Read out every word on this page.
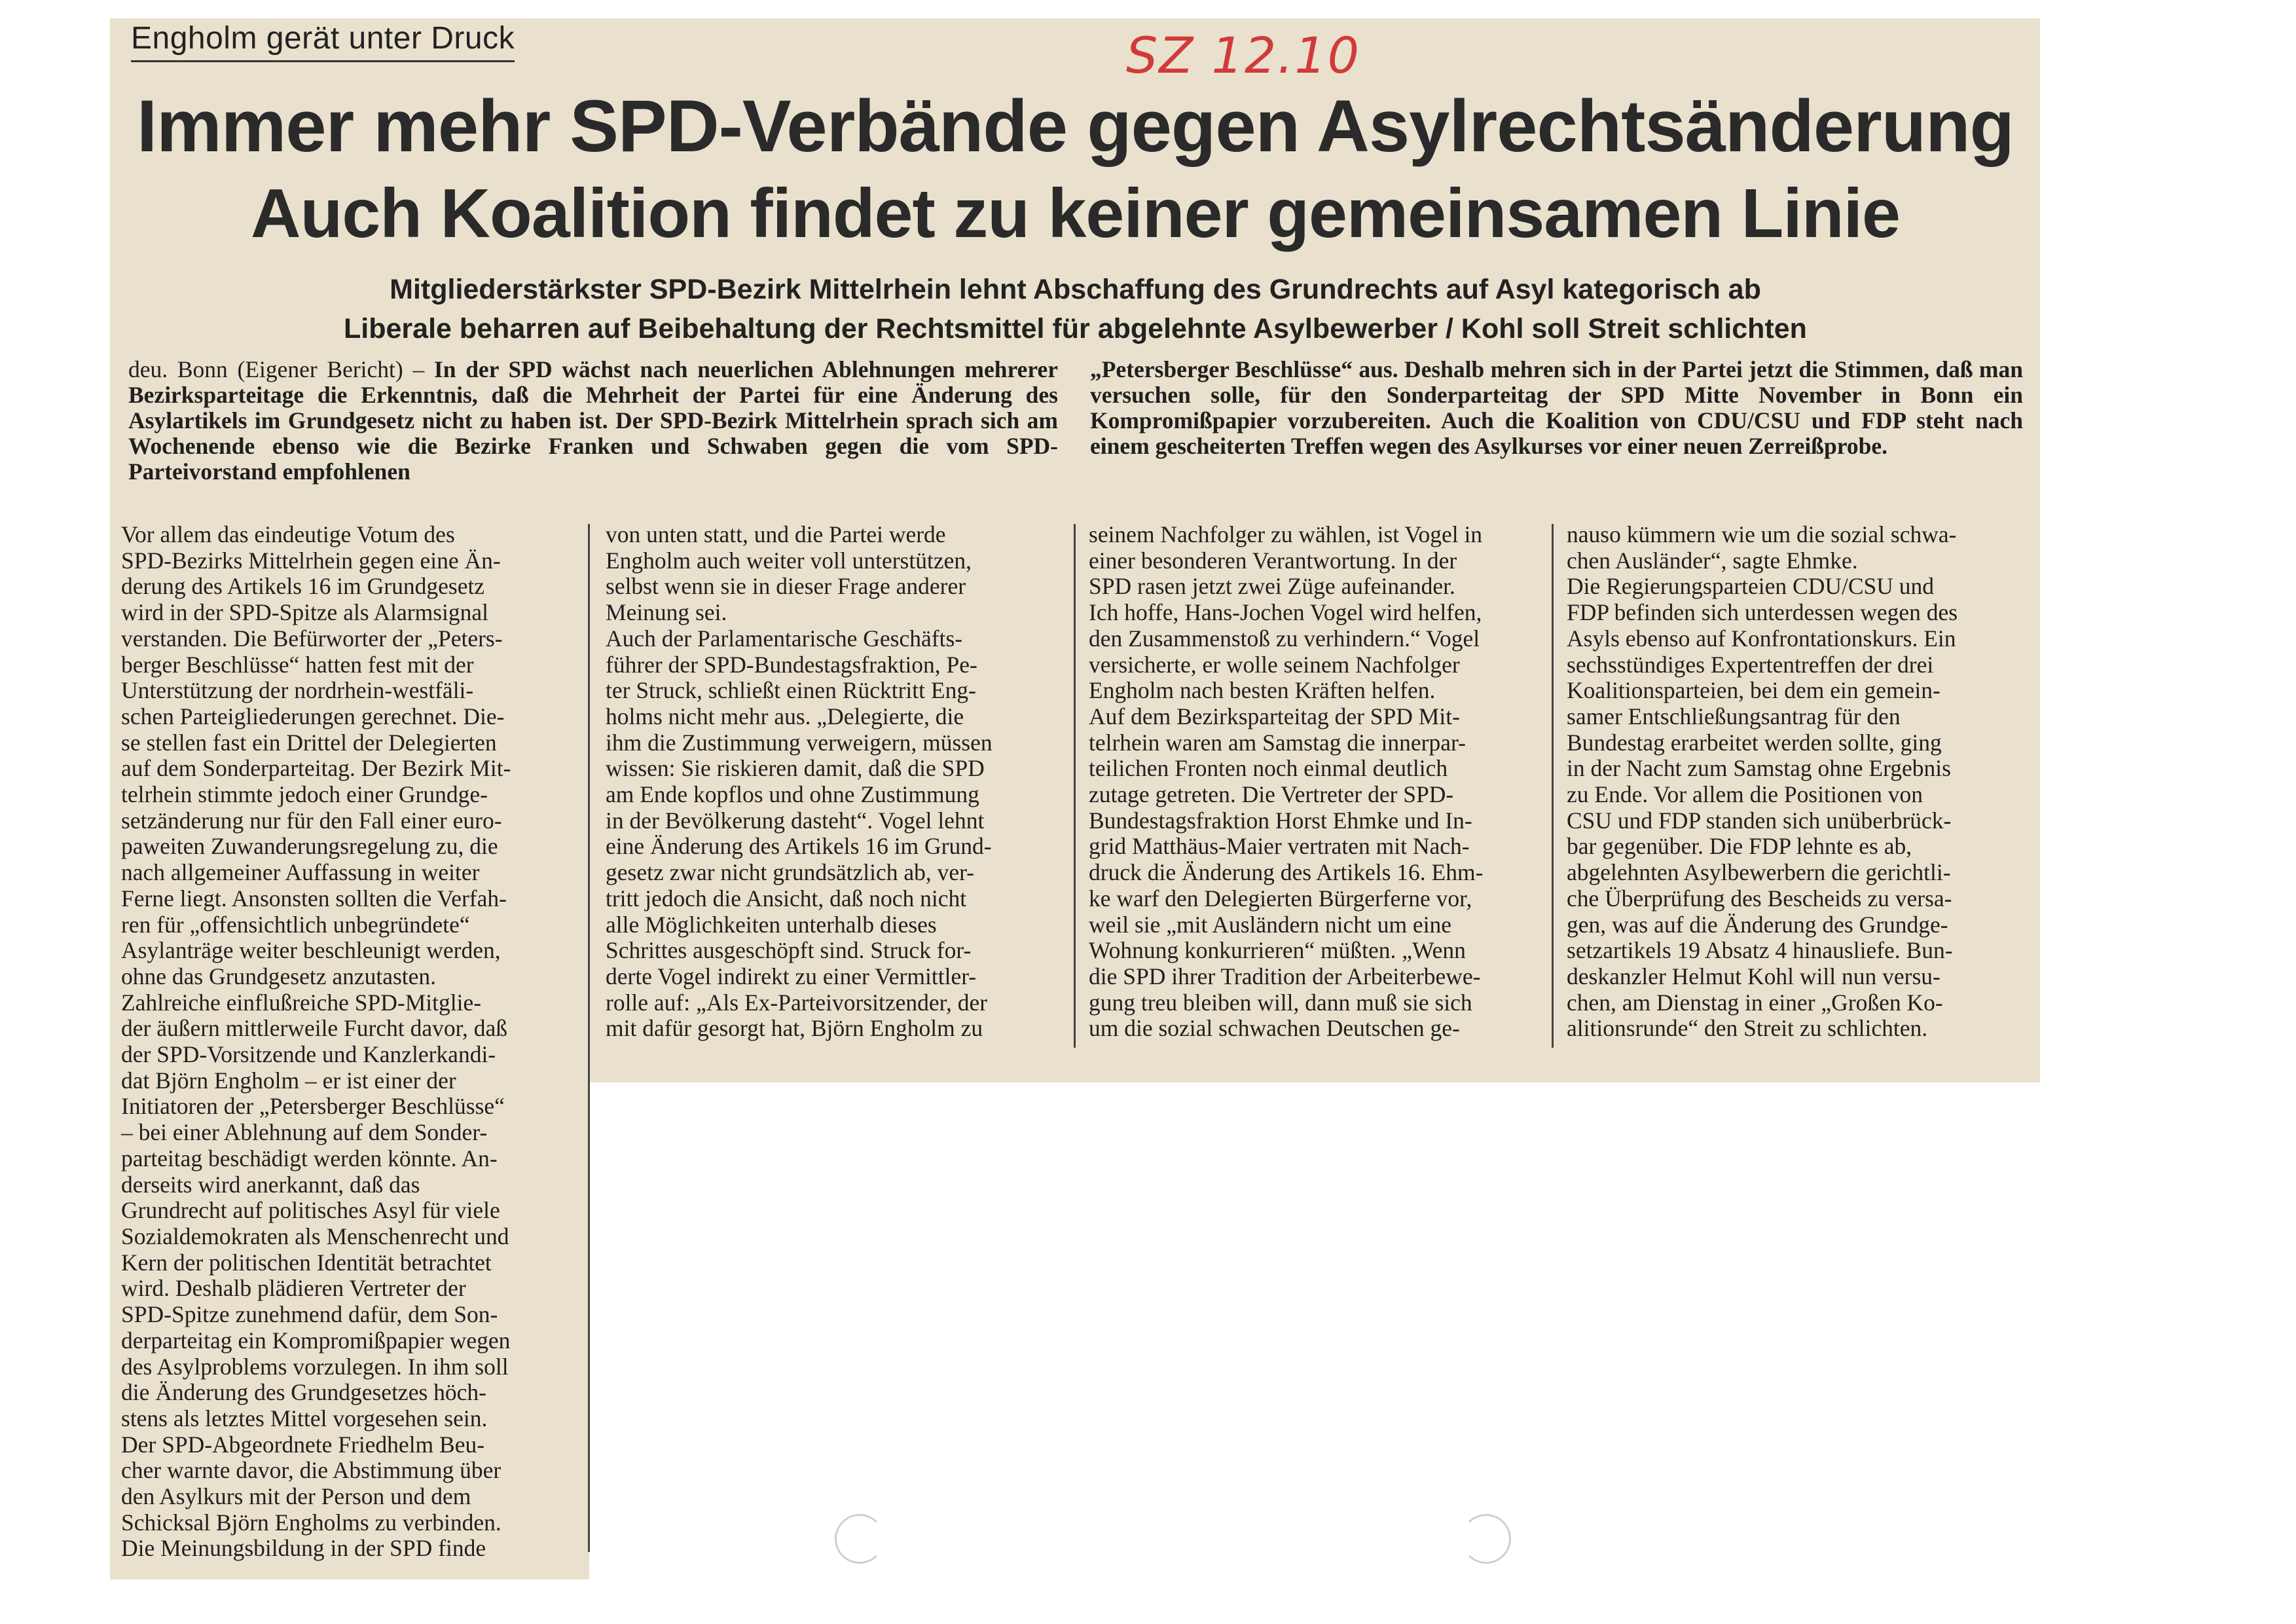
Engholm gerät unter Druck	SZ 12.10
Immer mehr SPD-Verbände gegen Asylrechtsänderung
Auch Koalition findet zu keiner gemeinsamen Linie
Mitgliederstärkster SPD-Bezirk Mittelrhein lehnt Abschaffung des Grundrechts auf Asyl kategorisch ab
Liberale beharren auf Beibehaltung der Rechtsmittel für abgelehnte Asylbewerber / Kohl soll Streit schlichten
deu. Bonn (Eigener Bericht) – In der SPD wächst nach neuerlichen Ablehnungen mehrerer Bezirksparteitage die Erkenntnis, daß die Mehrheit der Partei für eine Änderung des Asylartikels im Grundgesetz nicht zu haben ist. Der SPD-Bezirk Mittelrhein sprach sich am Wochenende ebenso wie die Bezirke Franken und Schwaben gegen die vom SPD-Parteivorstand empfohlenen
„Petersberger Beschlüsse“ aus. Deshalb mehren sich in der Partei jetzt die Stimmen, daß man versuchen solle, für den Sonderparteitag der SPD Mitte November in Bonn ein Kompromißpapier vorzubereiten. Auch die Koalition von CDU/CSU und FDP steht nach einem gescheiterten Treffen wegen des Asylkurses vor einer neuen Zerreißprobe.
Vor allem das eindeutige Votum des
SPD-Bezirks Mittelrhein gegen eine Än-
derung des Artikels 16 im Grundgesetz
wird in der SPD-Spitze als Alarmsignal
verstanden. Die Befürworter der „Peters-
berger Beschlüsse“ hatten fest mit der
Unterstützung der nordrhein-westfäli-
schen Parteigliederungen gerechnet. Die-
se stellen fast ein Drittel der Delegierten
auf dem Sonderparteitag. Der Bezirk Mit-
telrhein stimmte jedoch einer Grundge-
setzänderung nur für den Fall einer euro-
paweiten Zuwanderungsregelung zu, die
nach allgemeiner Auffassung in weiter
Ferne liegt. Ansonsten sollten die Verfah-
ren für „offensichtlich unbegründete“
Asylanträge weiter beschleunigt werden,
ohne das Grundgesetz anzutasten.
Zahlreiche einflußreiche SPD-Mitglie-
der äußern mittlerweile Furcht davor, daß
der SPD-Vorsitzende und Kanzlerkandi-
dat Björn Engholm – er ist einer der
Initiatoren der „Petersberger Beschlüsse“
– bei einer Ablehnung auf dem Sonder-
parteitag beschädigt werden könnte. An-
derseits wird anerkannt, daß das
Grundrecht auf politisches Asyl für viele
Sozialdemokraten als Menschenrecht und
Kern der politischen Identität betrachtet
wird. Deshalb plädieren Vertreter der
SPD-Spitze zunehmend dafür, dem Son-
derparteitag ein Kompromißpapier wegen
des Asylproblems vorzulegen. In ihm soll
die Änderung des Grundgesetzes höch-
stens als letztes Mittel vorgesehen sein.
Der SPD-Abgeordnete Friedhelm Beu-
cher warnte davor, die Abstimmung über
den Asylkurs mit der Person und dem
Schicksal Björn Engholms zu verbinden.
Die Meinungsbildung in der SPD finde
von unten statt, und die Partei werde
Engholm auch weiter voll unterstützen,
selbst wenn sie in dieser Frage anderer
Meinung sei.
Auch der Parlamentarische Geschäfts-
führer der SPD-Bundestagsfraktion, Pe-
ter Struck, schließt einen Rücktritt Eng-
holms nicht mehr aus. „Delegierte, die
ihm die Zustimmung verweigern, müssen
wissen: Sie riskieren damit, daß die SPD
am Ende kopflos und ohne Zustimmung
in der Bevölkerung dasteht“. Vogel lehnt
eine Änderung des Artikels 16 im Grund-
gesetz zwar nicht grundsätzlich ab, ver-
tritt jedoch die Ansicht, daß noch nicht
alle Möglichkeiten unterhalb dieses
Schrittes ausgeschöpft sind. Struck for-
derte Vogel indirekt zu einer Vermittler-
rolle auf: „Als Ex-Parteivorsitzender, der
mit dafür gesorgt hat, Björn Engholm zu
seinem Nachfolger zu wählen, ist Vogel in
einer besonderen Verantwortung. In der
SPD rasen jetzt zwei Züge aufeinander.
Ich hoffe, Hans-Jochen Vogel wird helfen,
den Zusammenstoß zu verhindern.“ Vogel
versicherte, er wolle seinem Nachfolger
Engholm nach besten Kräften helfen.
Auf dem Bezirksparteitag der SPD Mit-
telrhein waren am Samstag die innerpar-
teilichen Fronten noch einmal deutlich
zutage getreten. Die Vertreter der SPD-
Bundestagsfraktion Horst Ehmke und In-
grid Matthäus-Maier vertraten mit Nach-
druck die Änderung des Artikels 16. Ehm-
ke warf den Delegierten Bürgerferne vor,
weil sie „mit Ausländern nicht um eine
Wohnung konkurrieren“ müßten. „Wenn
die SPD ihrer Tradition der Arbeiterbewe-
gung treu bleiben will, dann muß sie sich
um die sozial schwachen Deutschen ge-
nauso kümmern wie um die sozial schwa-
chen Ausländer“, sagte Ehmke.
Die Regierungsparteien CDU/CSU und
FDP befinden sich unterdessen wegen des
Asyls ebenso auf Konfrontationskurs. Ein
sechsstündiges Expertentreffen der drei
Koalitionsparteien, bei dem ein gemein-
samer Entschließungsantrag für den
Bundestag erarbeitet werden sollte, ging
in der Nacht zum Samstag ohne Ergebnis
zu Ende. Vor allem die Positionen von
CSU und FDP standen sich unüberbrück-
bar gegenüber. Die FDP lehnte es ab,
abgelehnten Asylbewerbern die gerichtli-
che Überprüfung des Bescheids zu versa-
gen, was auf die Änderung des Grundge-
setzartikels 19 Absatz 4 hinausliefe. Bun-
deskanzler Helmut Kohl will nun versu-
chen, am Dienstag in einer „Großen Ko-
alitionsrunde“ den Streit zu schlichten.
